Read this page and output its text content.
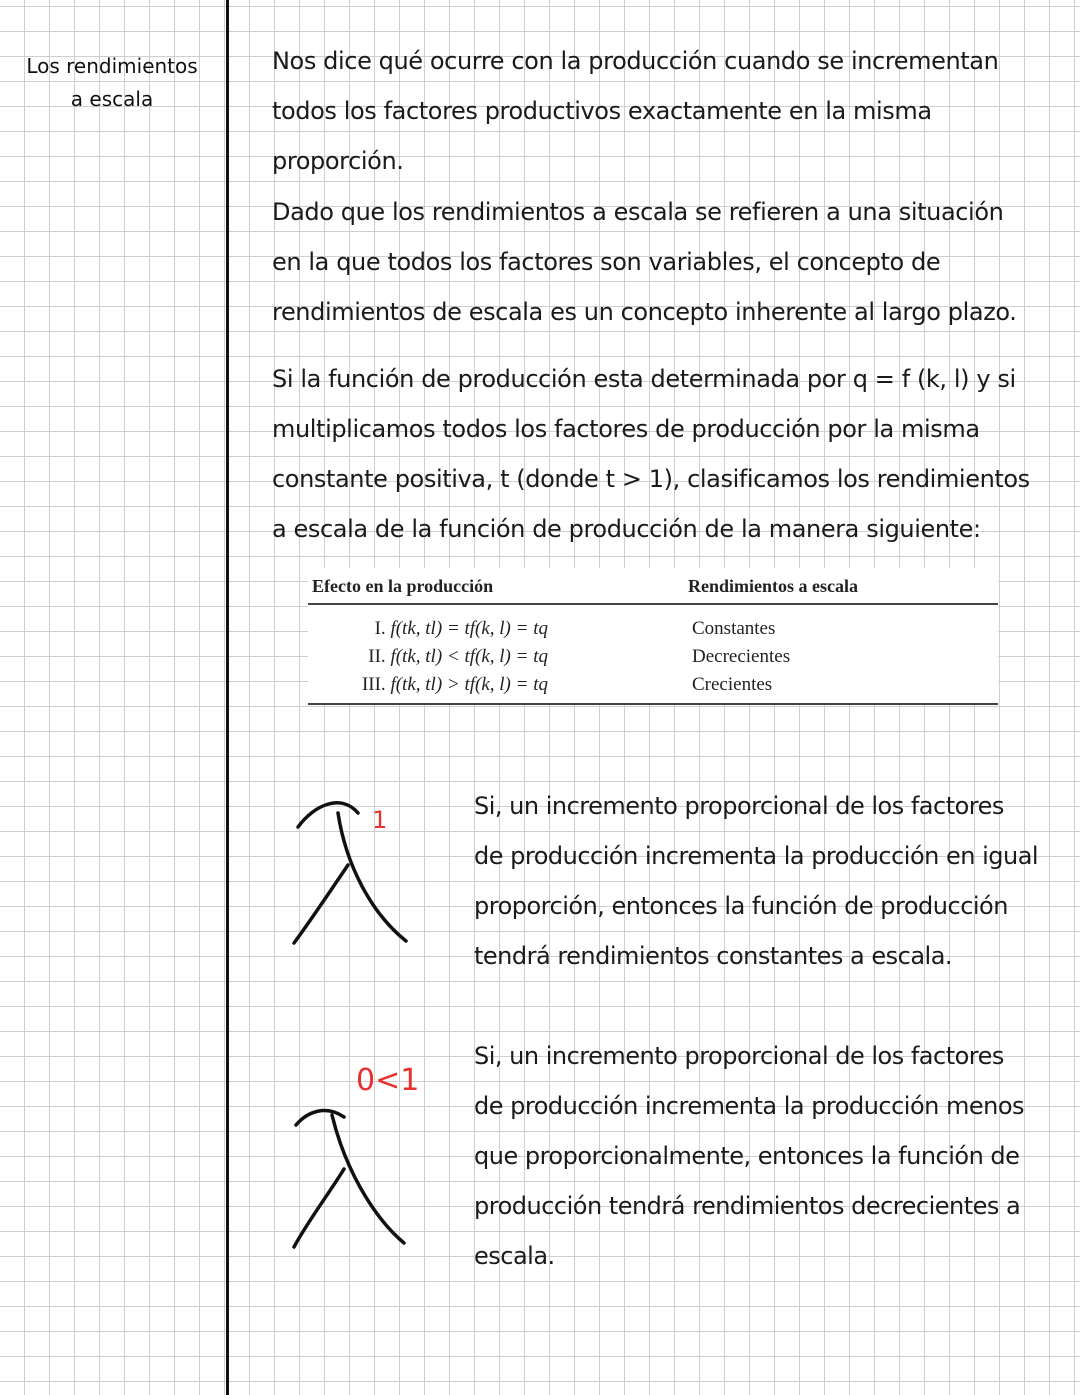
Los rendimientos
a escala
Nos dice qué ocurre con la producción cuando se incrementan
todos los factores productivos exactamente en la misma
proporción.
Dado que los rendimientos a escala se refieren a una situación
en la que todos los factores son variables, el concepto de
rendimientos de escala es un concepto inherente al largo plazo.
Si la función de producción esta determinada por q = f (k, l) y si
multiplicamos todos los factores de producción por la misma
constante positiva, t (donde t > 1), clasificamos los rendimientos
a escala de la función de producción de la manera siguiente:
Efecto en la producción	Rendimientos a escala
I. f(tk, tl) = tf(k, l) = tq	Constantes
II. f(tk, tl) < tf(k, l) = tq	Decrecientes
III. f(tk, tl) > tf(k, l) = tq	Crecientes
1
0<1
Si, un incremento proporcional de los factores
de producción incrementa la producción en igual
proporción, entonces la función de producción
tendrá rendimientos constantes a escala.
Si, un incremento proporcional de los factores
de producción incrementa la producción menos
que proporcionalmente, entonces la función de
producción tendrá rendimientos decrecientes a
escala.
